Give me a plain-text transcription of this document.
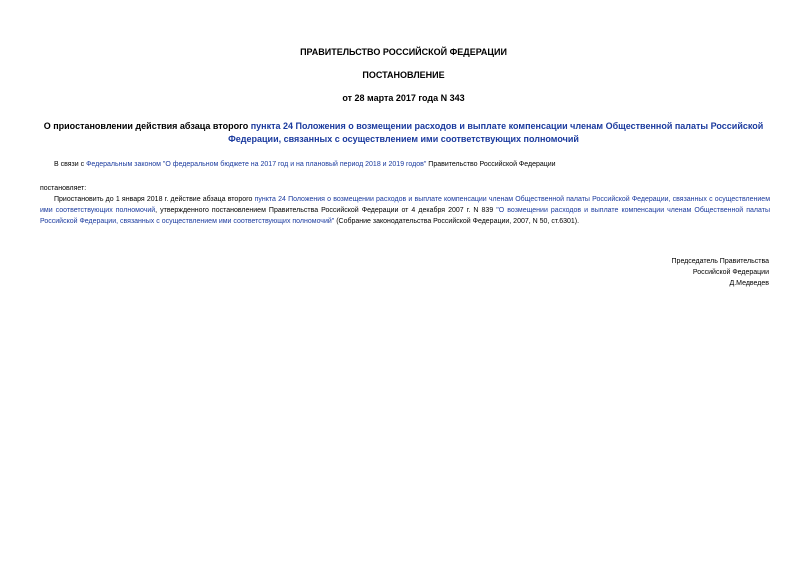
ПРАВИТЕЛЬСТВО РОССИЙСКОЙ ФЕДЕРАЦИИ
ПОСТАНОВЛЕНИЕ
от 28 марта 2017 года N 343
О приостановлении действия абзаца второго пункта 24 Положения о возмещении расходов и выплате компенсации членам Общественной палаты Российской Федерации, связанных с осуществлением ими соответствующих полномочий
В связи с Федеральным законом "О федеральном бюджете на 2017 год и на плановый период 2018 и 2019 годов" Правительство Российской Федерации
постановляет:
Приостановить до 1 января 2018 г. действие абзаца второго пункта 24 Положения о возмещении расходов и выплате компенсации членам Общественной палаты Российской Федерации, связанных с осуществлением ими соответствующих полномочий, утвержденного постановлением Правительства Российской Федерации от 4 декабря 2007 г. N 839 "О возмещении расходов и выплате компенсации членам Общественной палаты Российской Федерации, связанных с осуществлением ими соответствующих полномочий" (Собрание законодательства Российской Федерации, 2007, N 50, ст.6301).
Председатель Правительства
Российской Федерации
Д.Медведев
